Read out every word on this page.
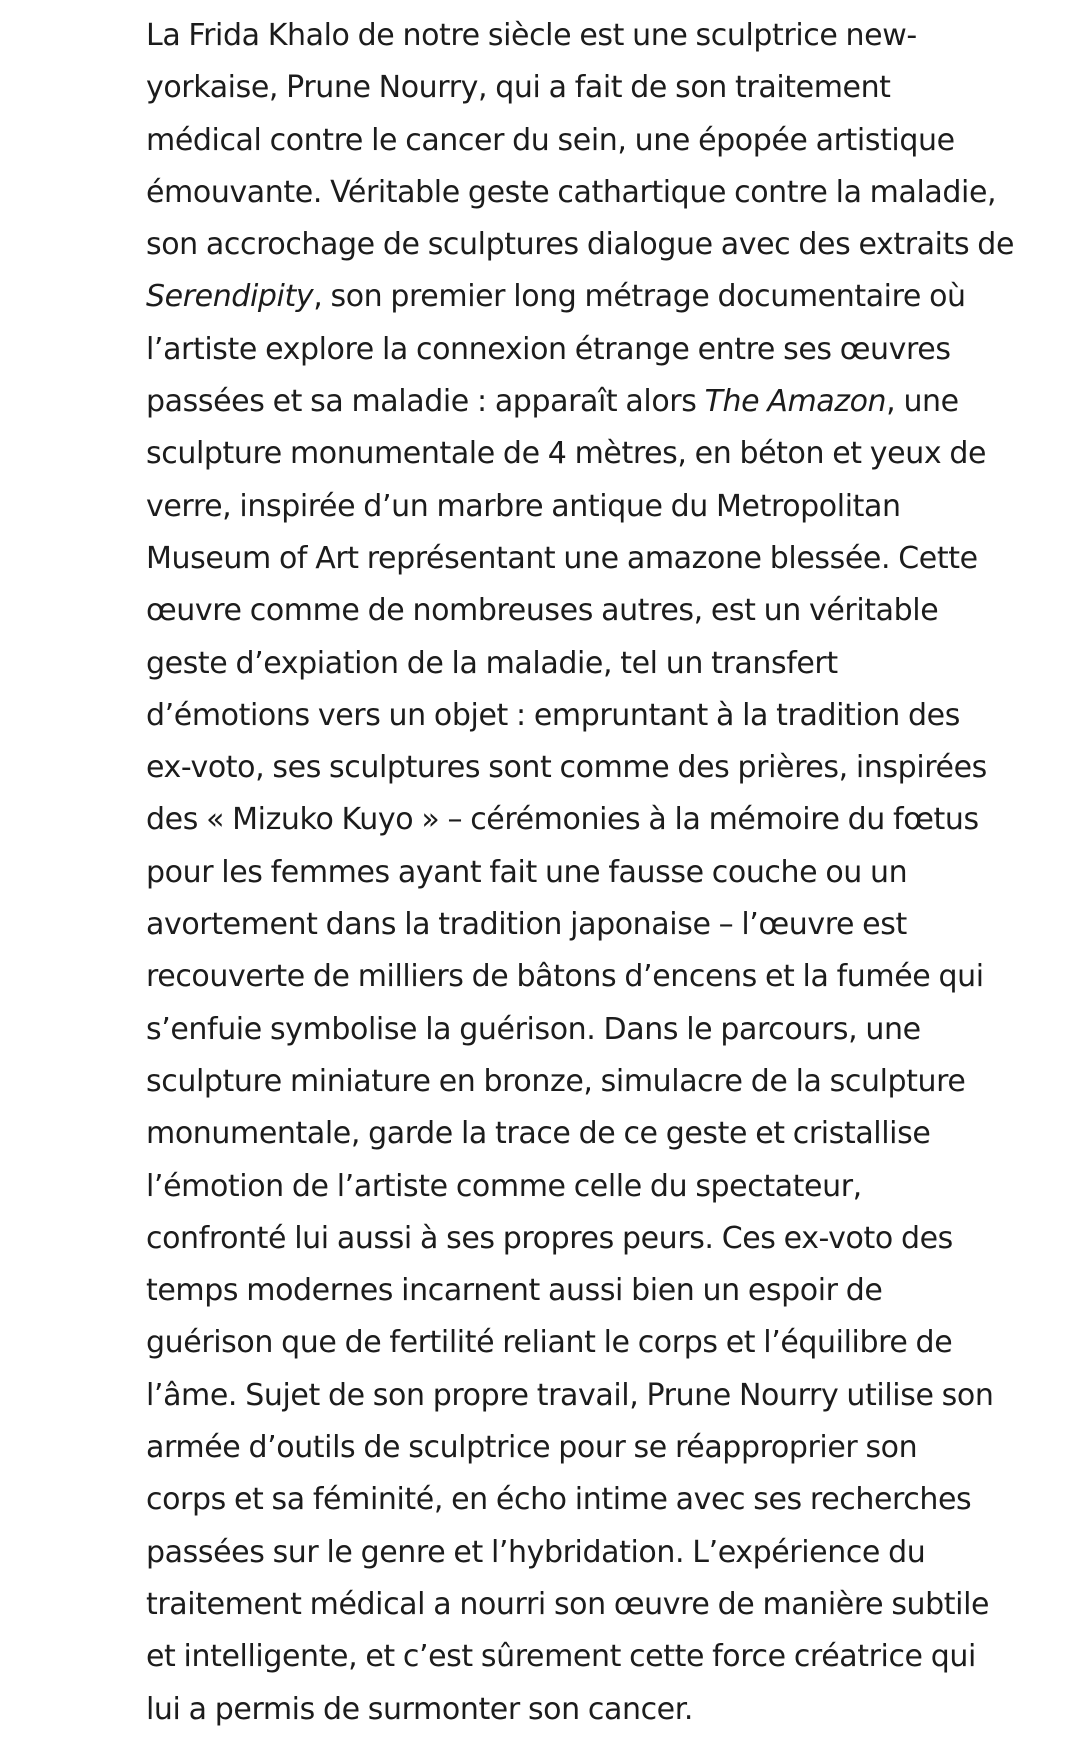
La Frida Khalo de notre siècle est une sculptrice new-
yorkaise, Prune Nourry, qui a fait de son traitement
médical contre le cancer du sein, une épopée artistique
émouvante. Véritable geste cathartique contre la maladie,
son accrochage de sculptures dialogue avec des extraits de
Serendipity, son premier long métrage documentaire où
l’artiste explore la connexion étrange entre ses œuvres
passées et sa maladie : apparaît alors The Amazon, une
sculpture monumentale de 4 mètres, en béton et yeux de
verre, inspirée d’un marbre antique du Metropolitan
Museum of Art représentant une amazone blessée. Cette
œuvre comme de nombreuses autres, est un véritable
geste d’expiation de la maladie, tel un transfert
d’émotions vers un objet : empruntant à la tradition des
ex-voto, ses sculptures sont comme des prières, inspirées
des « Mizuko Kuyo » – cérémonies à la mémoire du fœtus
pour les femmes ayant fait une fausse couche ou un
avortement dans la tradition japonaise – l’œuvre est
recouverte de milliers de bâtons d’encens et la fumée qui
s’enfuie symbolise la guérison. Dans le parcours, une
sculpture miniature en bronze, simulacre de la sculpture
monumentale, garde la trace de ce geste et cristallise
l’émotion de l’artiste comme celle du spectateur,
confronté lui aussi à ses propres peurs. Ces ex-voto des
temps modernes incarnent aussi bien un espoir de
guérison que de fertilité reliant le corps et l’équilibre de
l’âme. Sujet de son propre travail, Prune Nourry utilise son
armée d’outils de sculptrice pour se réapproprier son
corps et sa féminité, en écho intime avec ses recherches
passées sur le genre et l’hybridation. L’expérience du
traitement médical a nourri son œuvre de manière subtile
et intelligente, et c’est sûrement cette force créatrice qui
lui a permis de surmonter son cancer.
